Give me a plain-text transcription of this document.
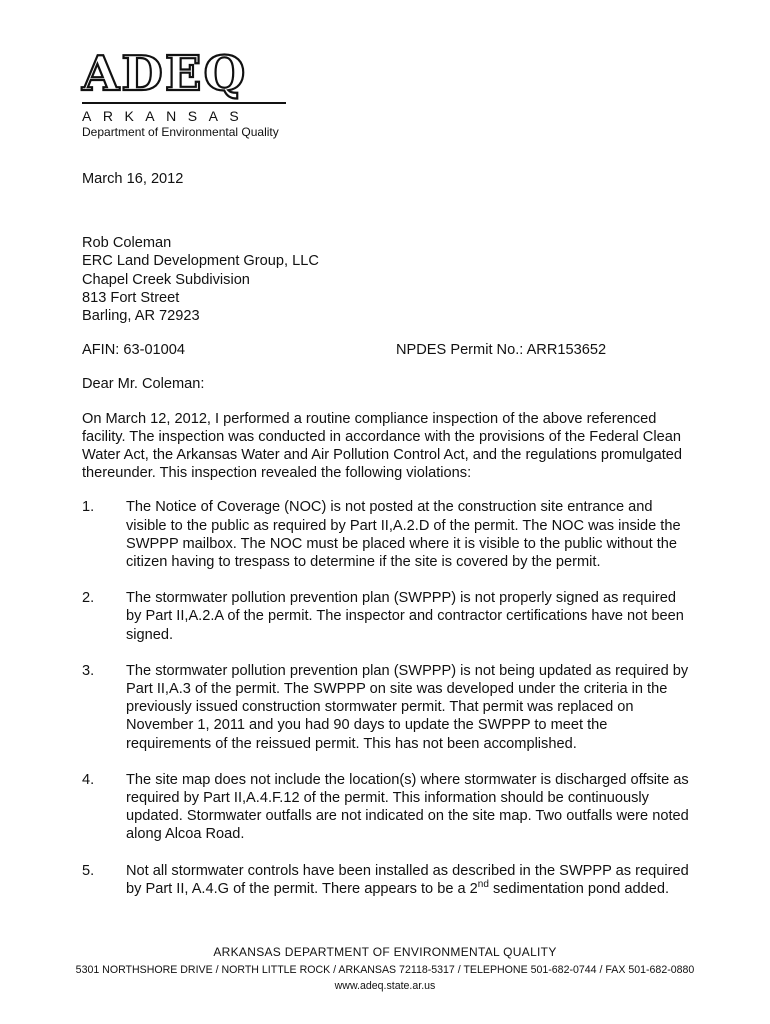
ADEQ
ARKANSAS
Department of Environmental Quality
March 16, 2012
Rob Coleman
ERC Land Development Group, LLC
Chapel Creek Subdivision
813 Fort Street
Barling, AR 72923
AFIN: 63-01004	NPDES Permit No.: ARR153652
Dear Mr. Coleman:
On March 12, 2012, I performed a routine compliance inspection of the above referenced facility. The inspection was conducted in accordance with the provisions of the Federal Clean Water Act, the Arkansas Water and Air Pollution Control Act, and the regulations promulgated thereunder. This inspection revealed the following violations:
1.	The Notice of Coverage (NOC) is not posted at the construction site entrance and visible to the public as required by Part II,A.2.D of the permit. The NOC was inside the SWPPP mailbox. The NOC must be placed where it is visible to the public without the citizen having to trespass to determine if the site is covered by the permit.
2.	The stormwater pollution prevention plan (SWPPP) is not properly signed as required by Part II,A.2.A of the permit. The inspector and contractor certifications have not been signed.
3.	The stormwater pollution prevention plan (SWPPP) is not being updated as required by Part II,A.3 of the permit. The SWPPP on site was developed under the criteria in the previously issued construction stormwater permit. That permit was replaced on November 1, 2011 and you had 90 days to update the SWPPP to meet the requirements of the reissued permit. This has not been accomplished.
4.	The site map does not include the location(s) where stormwater is discharged offsite as required by Part II,A.4.F.12 of the permit. This information should be continuously updated. Stormwater outfalls are not indicated on the site map. Two outfalls were noted along Alcoa Road.
5.	Not all stormwater controls have been installed as described in the SWPPP as required by Part II, A.4.G of the permit. There appears to be a 2nd sedimentation pond added.
ARKANSAS DEPARTMENT OF ENVIRONMENTAL QUALITY
5301 NORTHSHORE DRIVE / NORTH LITTLE ROCK / ARKANSAS 72118-5317 / TELEPHONE 501-682-0744 / FAX 501-682-0880
www.adeq.state.ar.us
